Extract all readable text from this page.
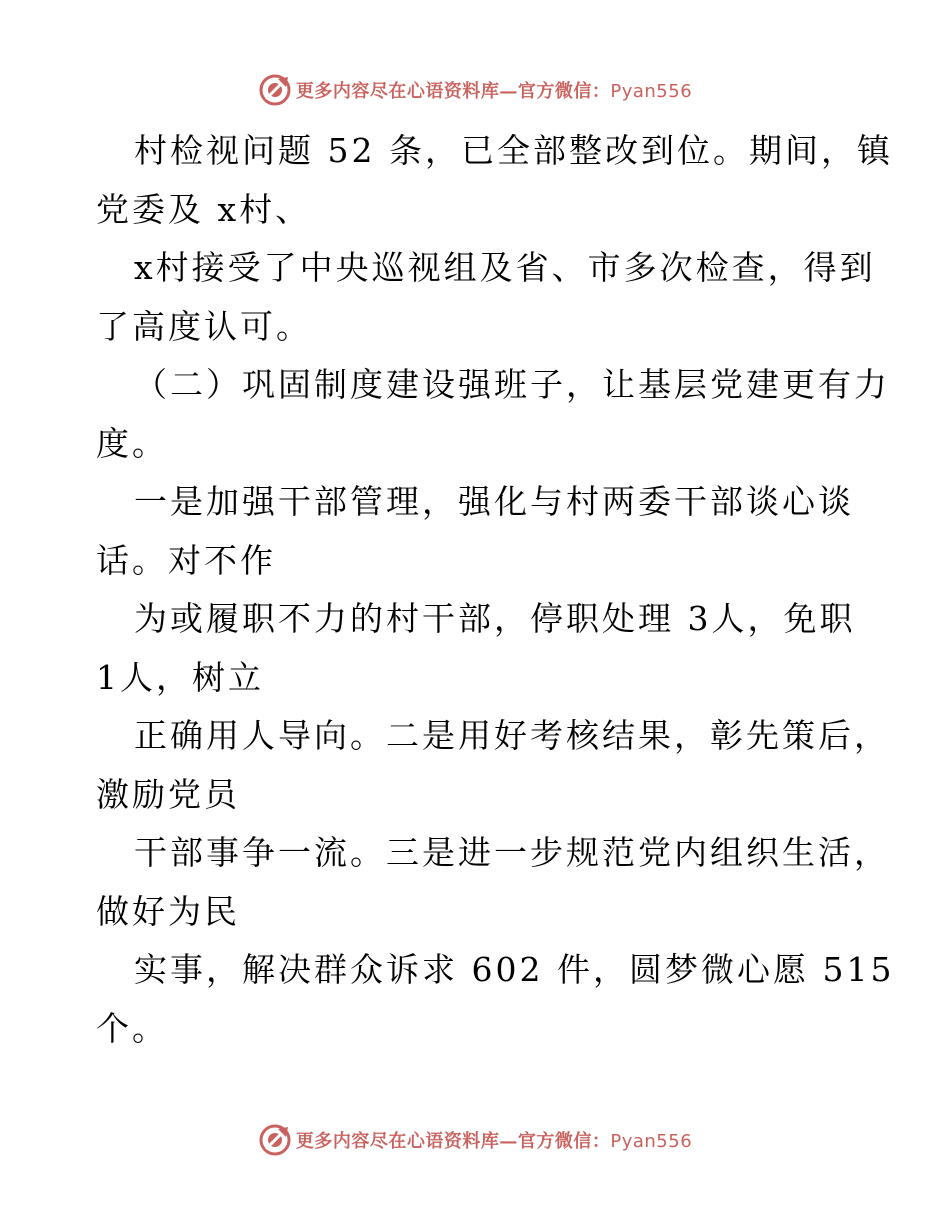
更多内容尽在心语资料库—官方微信：Pyan556
村检视问题 52 条，已全部整改到位。期间，镇
党委及 x村、
x村接受了中央巡视组及省、市多次检查，得到
了高度认可。
（二）巩固制度建设强班子，让基层党建更有力
度。
一是加强干部管理，强化与村两委干部谈心谈
话。对不作
为或履职不力的村干部，停职处理 3人，免职
1人，树立
正确用人导向。二是用好考核结果，彰先策后，
激励党员
干部事争一流。三是进一步规范党内组织生活，
做好为民
实事，解决群众诉求 602 件，圆梦微心愿 515
个。
更多内容尽在心语资料库—官方微信：Pyan556
